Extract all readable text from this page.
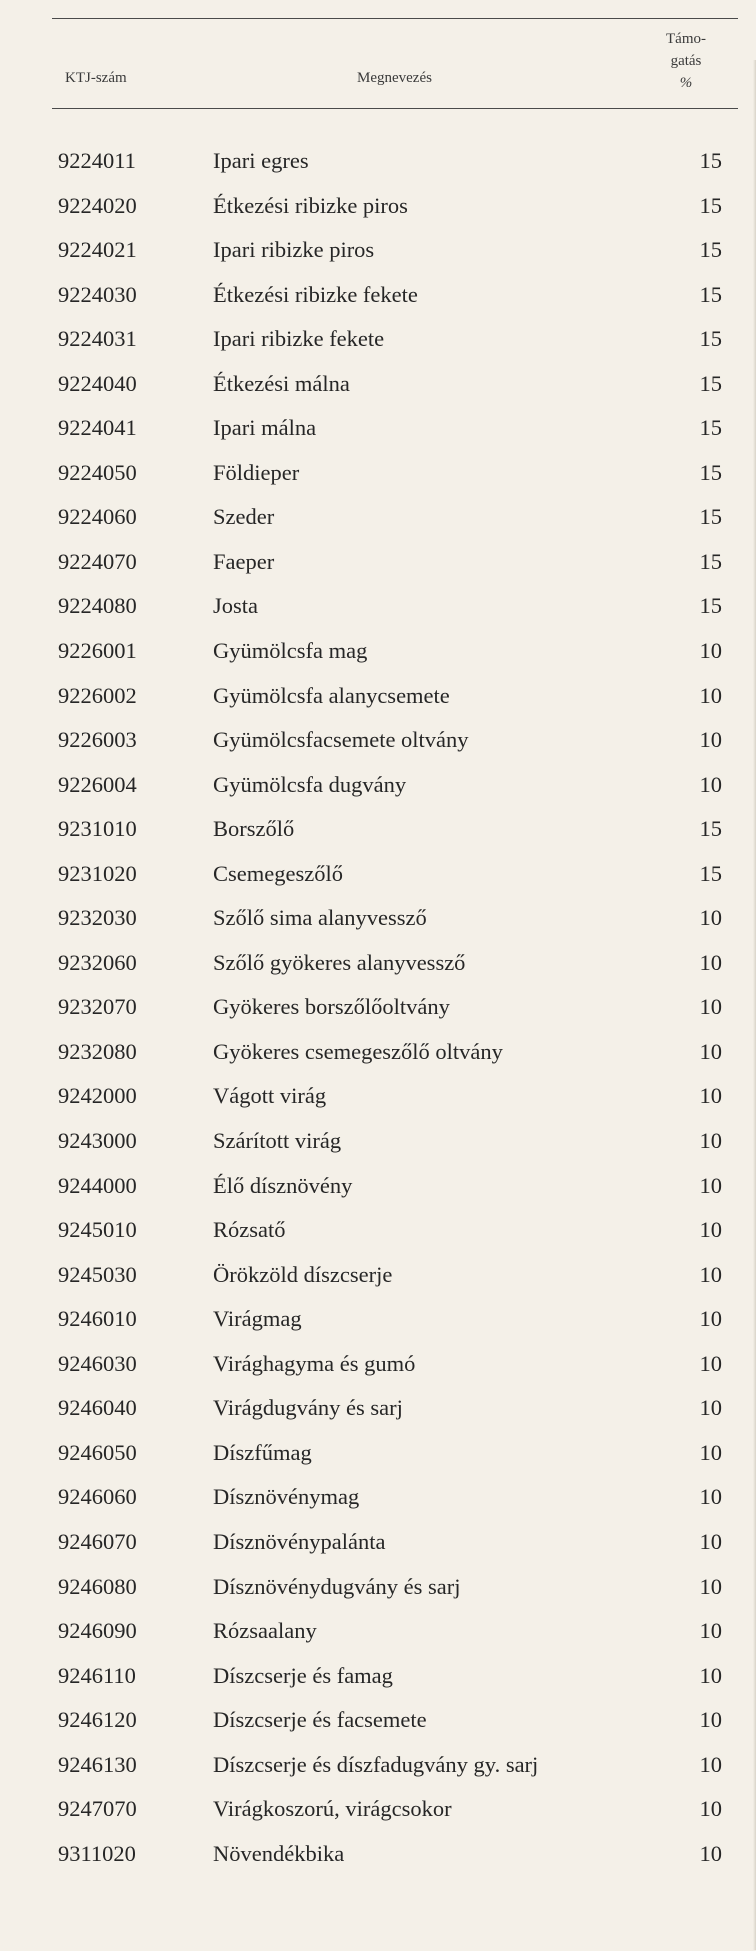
KTJ-szám	Megnevezés
Támo-
gatás
%
9224011	Ipari egres	15
9224020	Étkezési ribizke piros	15
9224021	Ipari ribizke piros	15
9224030	Étkezési ribizke fekete	15
9224031	Ipari ribizke fekete	15
9224040	Étkezési málna	15
9224041	Ipari málna	15
9224050	Földieper	15
9224060	Szeder	15
9224070	Faeper	15
9224080	Josta	15
9226001	Gyümölcsfa mag	10
9226002	Gyümölcsfa alanycsemete	10
9226003	Gyümölcsfacsemete oltvány	10
9226004	Gyümölcsfa dugvány	10
9231010	Borszőlő	15
9231020	Csemegeszőlő	15
9232030	Szőlő sima alanyvessző	10
9232060	Szőlő gyökeres alanyvessző	10
9232070	Gyökeres borszőlőoltvány	10
9232080	Gyökeres csemegeszőlő oltvány	10
9242000	Vágott virág	10
9243000	Szárított virág	10
9244000	Élő dísznövény	10
9245010	Rózsatő	10
9245030	Örökzöld díszcserje	10
9246010	Virágmag	10
9246030	Virághagyma és gumó	10
9246040	Virágdugvány és sarj	10
9246050	Díszfűmag	10
9246060	Dísznövénymag	10
9246070	Dísznövénypalánta	10
9246080	Dísznövénydugvány és sarj	10
9246090	Rózsaalany	10
9246110	Díszcserje és famag	10
9246120	Díszcserje és facsemete	10
9246130	Díszcserje és díszfadugvány gy. sarj	10
9247070	Virágkoszorú, virágcsokor	10
9311020	Növendékbika	10
